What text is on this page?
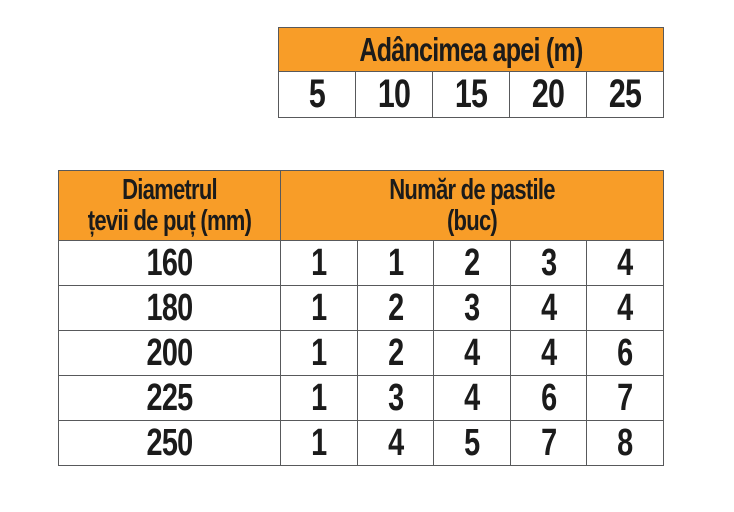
Adâncimea apei (m)

5	10	15	20	25
Diametrul
țevii de puț (mm)

Număr de pastile
(buc)

160	1	1	2	3	4

180	1	2	3	4	4

200	1	2	4	4	6

225	1	3	4	6	7

250	1	4	5	7	8
